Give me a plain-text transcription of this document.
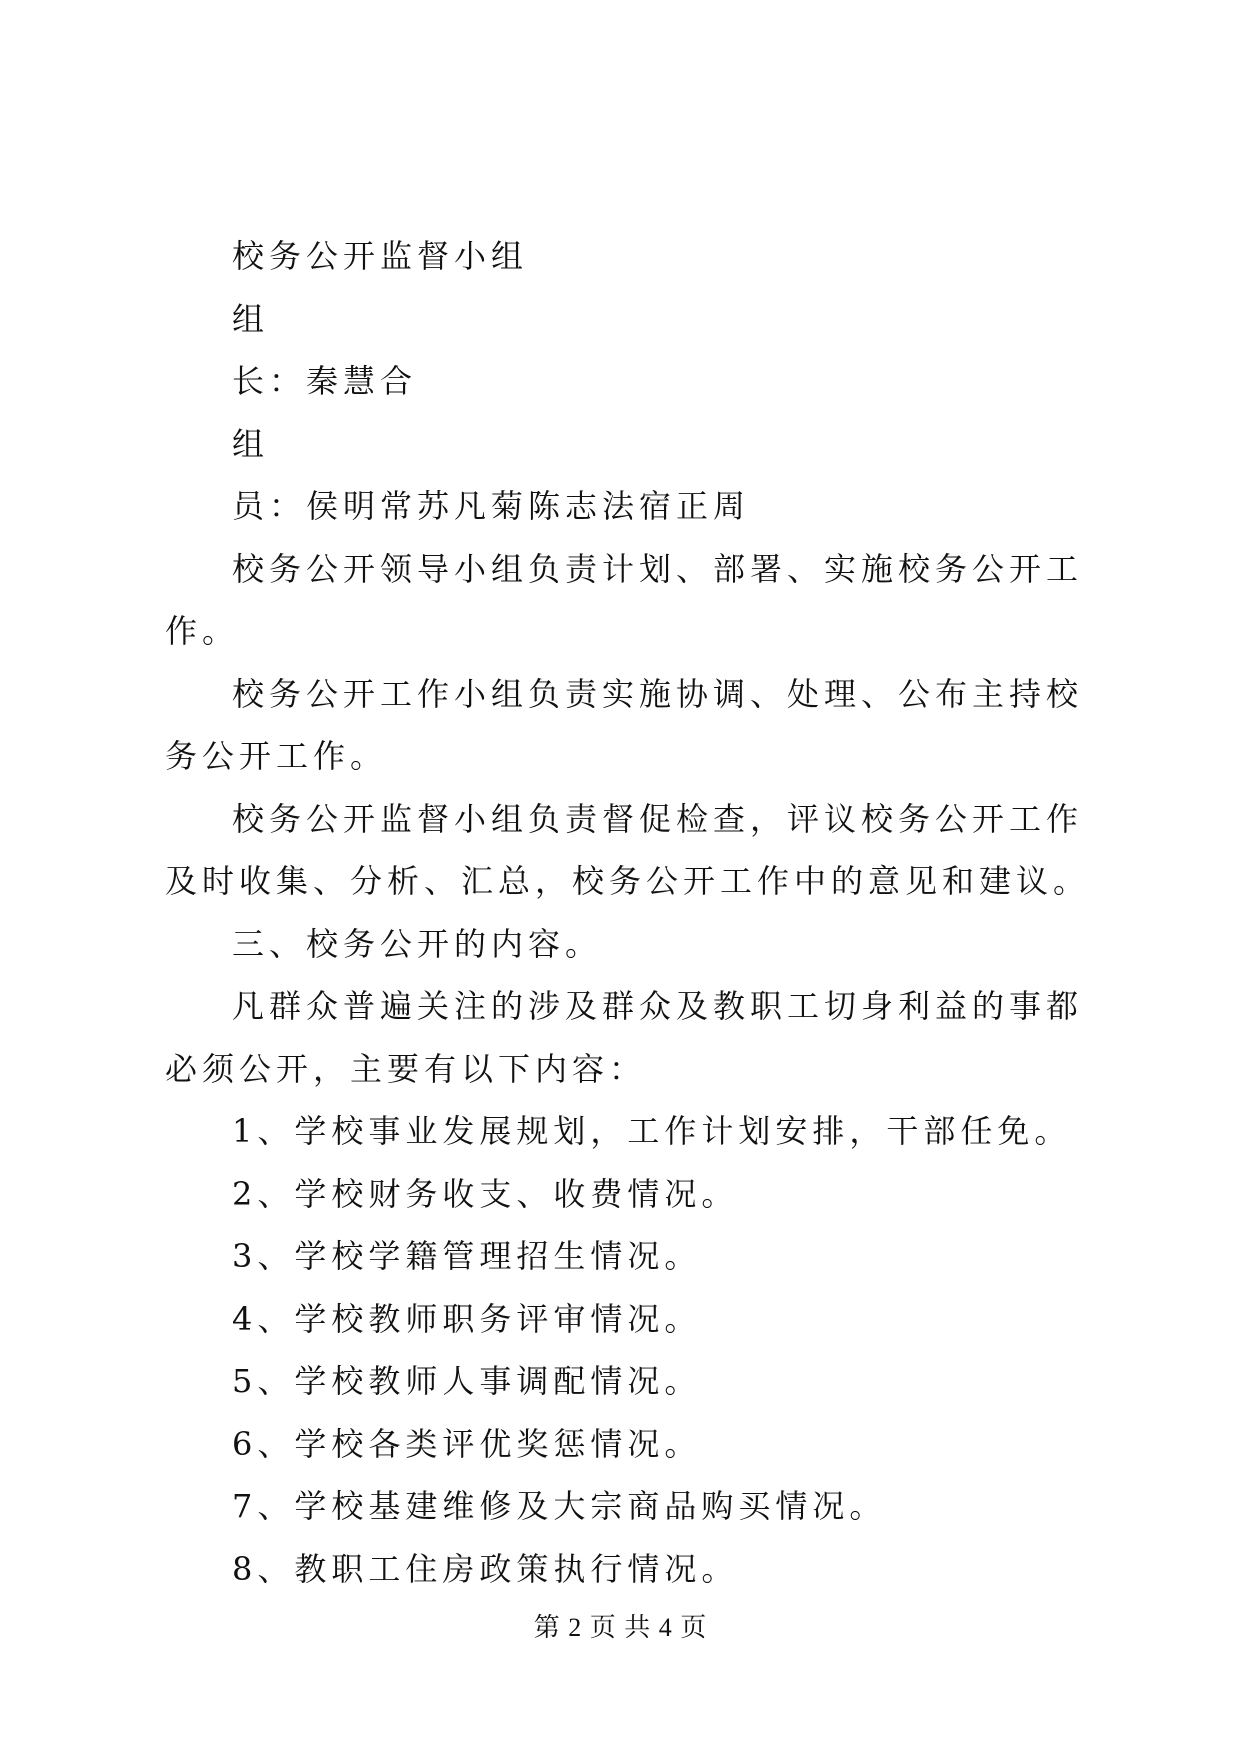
校务公开监督小组

组

长：秦慧合

组

员：侯明常苏凡菊陈志法宿正周

校务公开领导小组负责计划、部署、实施校务公开工作。

校务公开工作小组负责实施协调、处理、公布主持校务公开工作。

校务公开监督小组负责督促检查，评议校务公开工作及时收集、分析、汇总，校务公开工作中的意见和建议。

三、校务公开的内容。

凡群众普遍关注的涉及群众及教职工切身利益的事都必须公开，主要有以下内容：

1、学校事业发展规划，工作计划安排，干部任免。

2、学校财务收支、收费情况。

3、学校学籍管理招生情况。

4、学校教师职务评审情况。

5、学校教师人事调配情况。

6、学校各类评优奖惩情况。

7、学校基建维修及大宗商品购买情况。

8、教职工住房政策执行情况。

第 2 页 共 4 页
